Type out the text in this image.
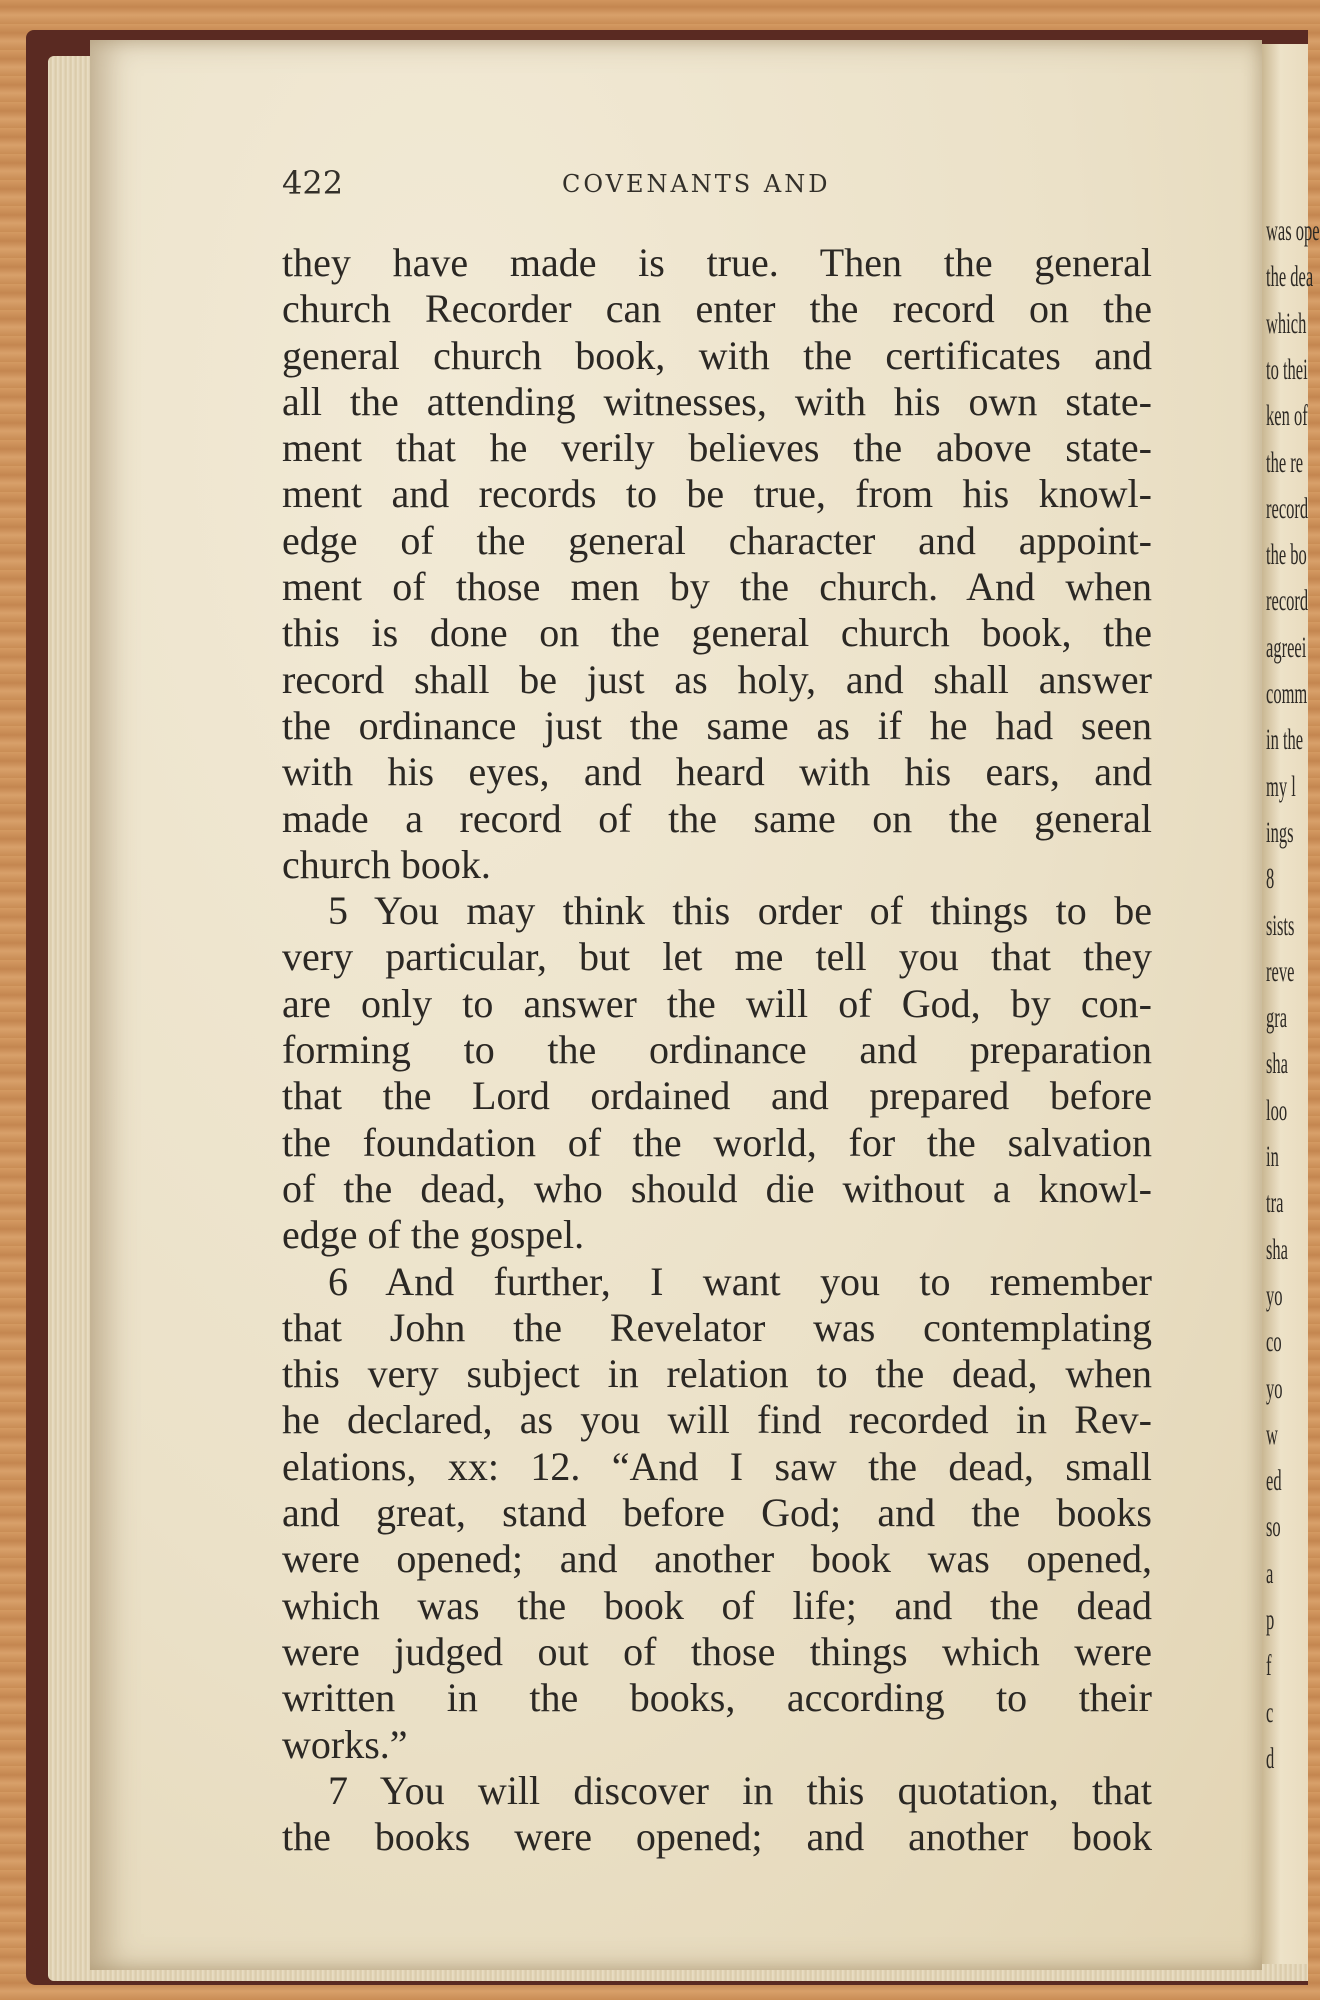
422	COVENANTS AND
they have made is true. Then the general
church Recorder can enter the record on the
general church book, with the certificates and
all the attending witnesses, with his own state-
ment that he verily believes the above state-
ment and records to be true, from his knowl-
edge of the general character and appoint-
ment of those men by the church. And when
this is done on the general church book, the
record shall be just as holy, and shall answer
the ordinance just the same as if he had seen
with his eyes, and heard with his ears, and
made a record of the same on the general
church book.
5 You may think this order of things to be
very particular, but let me tell you that they
are only to answer the will of God, by con-
forming to the ordinance and preparation
that the Lord ordained and prepared before
the foundation of the world, for the salvation
of the dead, who should die without a knowl-
edge of the gospel.
6 And further, I want you to remember
that John the Revelator was contemplating
this very subject in relation to the dead, when
he declared, as you will find recorded in Rev-
elations, xx: 12. “And I saw the dead, small
and great, stand before God; and the books
were opened; and another book was opened,
which was the book of life; and the dead
were judged out of those things which were
written in the books, according to their
works.”
7 You will discover in this quotation, that
the books were opened; and another book
was ope
the dea
which
to thei
ken of
the re
record
the bo
record
agreei
comm
in the
my l
ings
8
sists
reve
gra
sha
loo
in
tra
sha
yo
co
yo
w
ed
so
a
p
f
c
d
